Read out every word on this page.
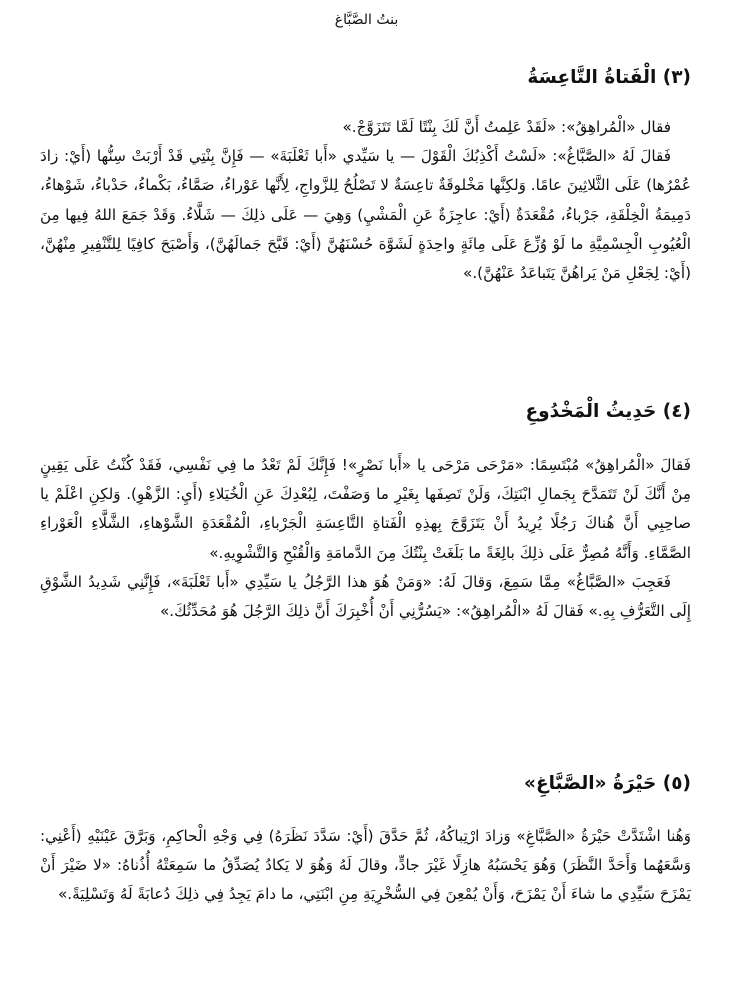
بنتُ الصَّبَّاغ
(٣) الْفَتاةُ التَّاعِسَةُ

فقال «الْمُراهِقُ»: «لَقَدْ عَلِمتُ أَنَّ لَكَ بِنْتًا لَمَّا تَتَزَوَّجْ.»

فَقالَ لَهُ «الصَّبَّاغُ»: «لَسْتُ أَكْذِبُكَ الْقَوْلَ — يا سَيِّدي «أَبا ثَعْلَبَةَ» — فَإِنَّ بِنْتِي قَدْ أَرْبَتْ سِنُّها (أَيْ: زادَ عُمْرُها) عَلَى الثَّلاثِينَ عامًا. وَلكِنَّها مَخْلوقَةٌ تاعِسَةٌ لا تَصْلُحُ لِلزَّواجِ، لِأَنَّها عَوْراءُ، صَمَّاءُ، بَكْماءُ، حَدْباءُ، شَوْهاءُ، دَمِيمَةُ الْخِلْقَةِ، جَرْباءُ، مُقْعَدَةٌ (أَيْ: عاجِزَةٌ عَنِ الْمَشْيِ) وَهِيَ — عَلَى ذلِكَ — شَلَّاءُ. وَقَدْ جَمَعَ اللهُ فِيها مِنَ الْعُيُوبِ الْجِسْمِيَّةِ ما لَوْ وُزِّعَ عَلَى مِائَةٍ واحِدَةٍ لَشَوَّهَ حُسْنَهُنَّ (أَيْ: قَبَّحَ جَمالَهُنَّ)، وَأَصْبَحَ كافِيًا لِلتَّنْفِيرِ مِنْهُنَّ، (أَيْ: لِجَعْلِ مَنْ يَراهُنَّ يَتَباعَدُ عَنْهُنَّ).»

(٤) حَدِيثُ الْمَخْدُوعِ

فَقالَ «الْمُراهِقُ» مُبْتَسِمًا: «مَرْحَى مَرْحَى يا «أَبا نَصْرٍ»! فَإِنَّكَ لَمْ تَعْدُ ما فِي نَفْسِي، فَقَدْ كُنْتُ عَلَى يَقِينٍ مِنْ أَنَّكَ لَنْ تَتَمَدَّحَ بِجَمالِ ابْنَتِكَ، وَلَنْ تَصِفَها بِغَيْرِ ما وَصَفْتَ، لِبُعْدِكَ عَنِ الْخُيَلاءِ (أَيِ: الزَّهْوِ). وَلكِنِ اعْلَمْ يا صاحِبِي أَنَّ هُناكَ رَجُلًا يُرِيدُ أَنْ يَتَزَوَّجَ بِهذِهِ الْفَتاةِ التَّاعِسَةِ الْجَرْباءِ، الْمُقْعَدَةِ الشَّوْهاءِ، الشَّلَّاءِ الْعَوْراءِ الصَّمَّاءِ. وَأَنَّهُ مُصِرٌّ عَلَى ذلِكَ بالِغَةً ما بَلَغَتْ بِنْتُكَ مِنَ الدَّمامَةِ وَالْقُبْحِ وَالتَّشْوِيهِ.»

فَعَجِبَ «الصَّبَّاغُ» مِمَّا سَمِعَ، وَقالَ لَهُ: «وَمَنْ هُوَ هذا الرَّجُلُ يا سَيِّدِي «أَبا ثَعْلَبَةَ»، فَإِنَّنِي شَدِيدُ الشَّوْقِ إِلَى التَّعَرُّفِ بِهِ.» فَقالَ لَهُ «الْمُراهِقُ»: «يَسُرُّنِي أَنْ أُخْبِرَكَ أَنَّ ذلِكَ الرَّجُلَ هُوَ مُحَدِّثُكَ.»

(٥) حَيْرَةُ «الصَّبَّاغِ»

وَهُنا اشْتَدَّتْ حَيْرَةُ «الصَّبَّاغِ» وَزادَ ارْتِباكُهُ، ثُمَّ حَدَّقَ (أَيْ: سَدَّدَ نَظَرَهُ) فِي وَجْهِ الْحاكِمِ، وَبَرَّقَ عَيْنَيْهِ (أَعْنِي: وَسَّعَهُما وَأَحَدَّ النَّظَرَ) وَهُوَ يَحْسَبُهُ هازِلًا غَيْرَ جادٍّ، وقالَ لَهُ وَهُوَ لا يَكادُ يُصَدِّقُ ما سَمِعَتْهُ أُذُناهُ: «لا ضَيْرَ أَنْ يَمْزَحَ سَيِّدِي ما شاءَ أَنْ يَمْزَحَ، وَأَنْ يُمْعِنَ فِي السُّخْرِيَةِ مِنِ ابْنَتِي، ما دامَ يَجِدُ فِي ذلِكَ دُعابَةً لَهُ وَتَسْلِيَةً.»
